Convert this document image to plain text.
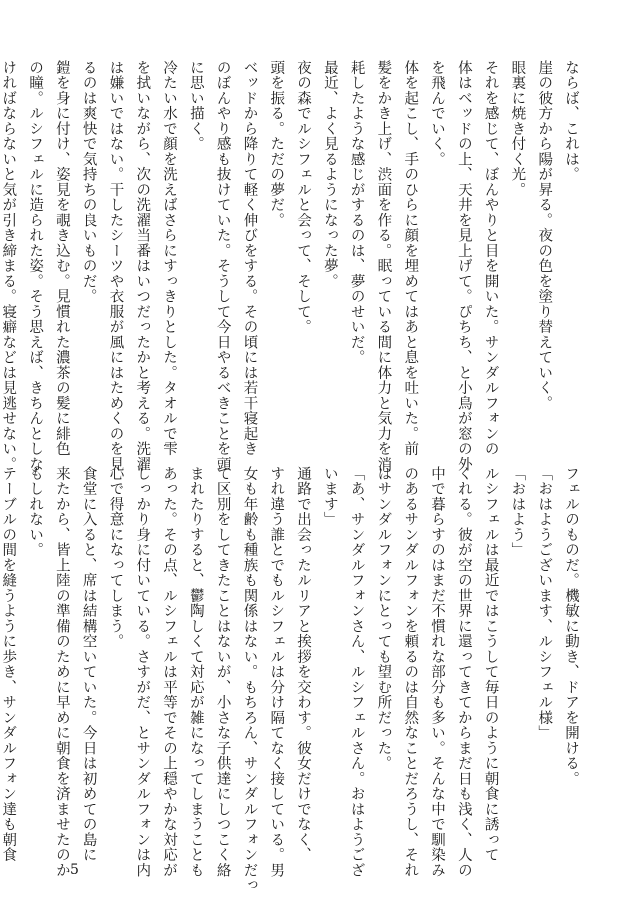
ならば、これは。
崖の彼方から陽が昇る。夜の色を塗り替えていく。
眼裏に焼き付く光。
それを感じて、ぼんやりと目を開いた。サンダルフォンの
体はベッドの上、天井を見上げて。ぴちち、と小鳥が窓の外
を飛んでいく。
体を起こし、手のひらに顔を埋めてはあと息を吐いた。前
髪をかき上げ、渋面を作る。眠っている間に体力と気力を消
耗したような感じがするのは、夢のせいだ。
最近、よく見るようになった夢。
夜の森でルシフェルと会って、そして。
頭を振る。ただの夢だ。
ベッドから降りて軽く伸びをする。その頃には若干寝起き
のぼんやり感も抜けていた。そうして今日やるべきことを頭
に思い描く。
冷たい水で顔を洗えばさらにすっきりとした。タオルで雫
を拭いながら、次の洗濯当番はいつだったかと考える。洗濯
は嫌いではない。干したシーツや衣服が風にはためくのを見
るのは爽快で気持ちの良いものだ。
鎧を身に付け、姿見を覗き込む。見慣れた濃茶の髪に緋色
の瞳。ルシフェルに造られた姿。そう思えば、きちんとしな
ければならないと気が引き締まる。寝癖などは見逃せない。
フェルのものだ。機敏に動き、ドアを開ける。
「おはようございます、ルシフェル様」
「おはよう」
ルシフェルは最近ではこうして毎日のように朝食に誘って
くれる。彼が空の世界に還ってきてからまだ日も浅く、人の
中で暮らすのはまだ不慣れな部分も多い。そんな中で馴染み
のあるサンダルフォンを頼るのは自然なことだろうし、それ
はサンダルフォンにとっても望む所だった。
「あ、サンダルフォンさん、ルシフェルさん。おはようござ
います」
通路で出会ったルリアと挨拶を交わす。彼女だけでなく、
すれ違う誰とでもルシフェルは分け隔てなく接している。男
女も年齢も種族も関係はない。もちろん、サンダルフォンだっ
て区別をしてきたことはないが、小さな子供達にしつこく絡
まれたりすると、鬱陶しくて対応が雑になってしまうことも
あった。その点、ルシフェルは平等でその上穏やかな対応が
しっかり身に付いている。さすがだ、とサンダルフォンは内
心で得意になってしまう。
食堂に入ると、席は結構空いていた。今日は初めての島に
来たから、皆上陸の準備のために早めに朝食を済ませたのか
もしれない。
テーブルの間を縫うように歩き、サンダルフォン達も朝食
5
